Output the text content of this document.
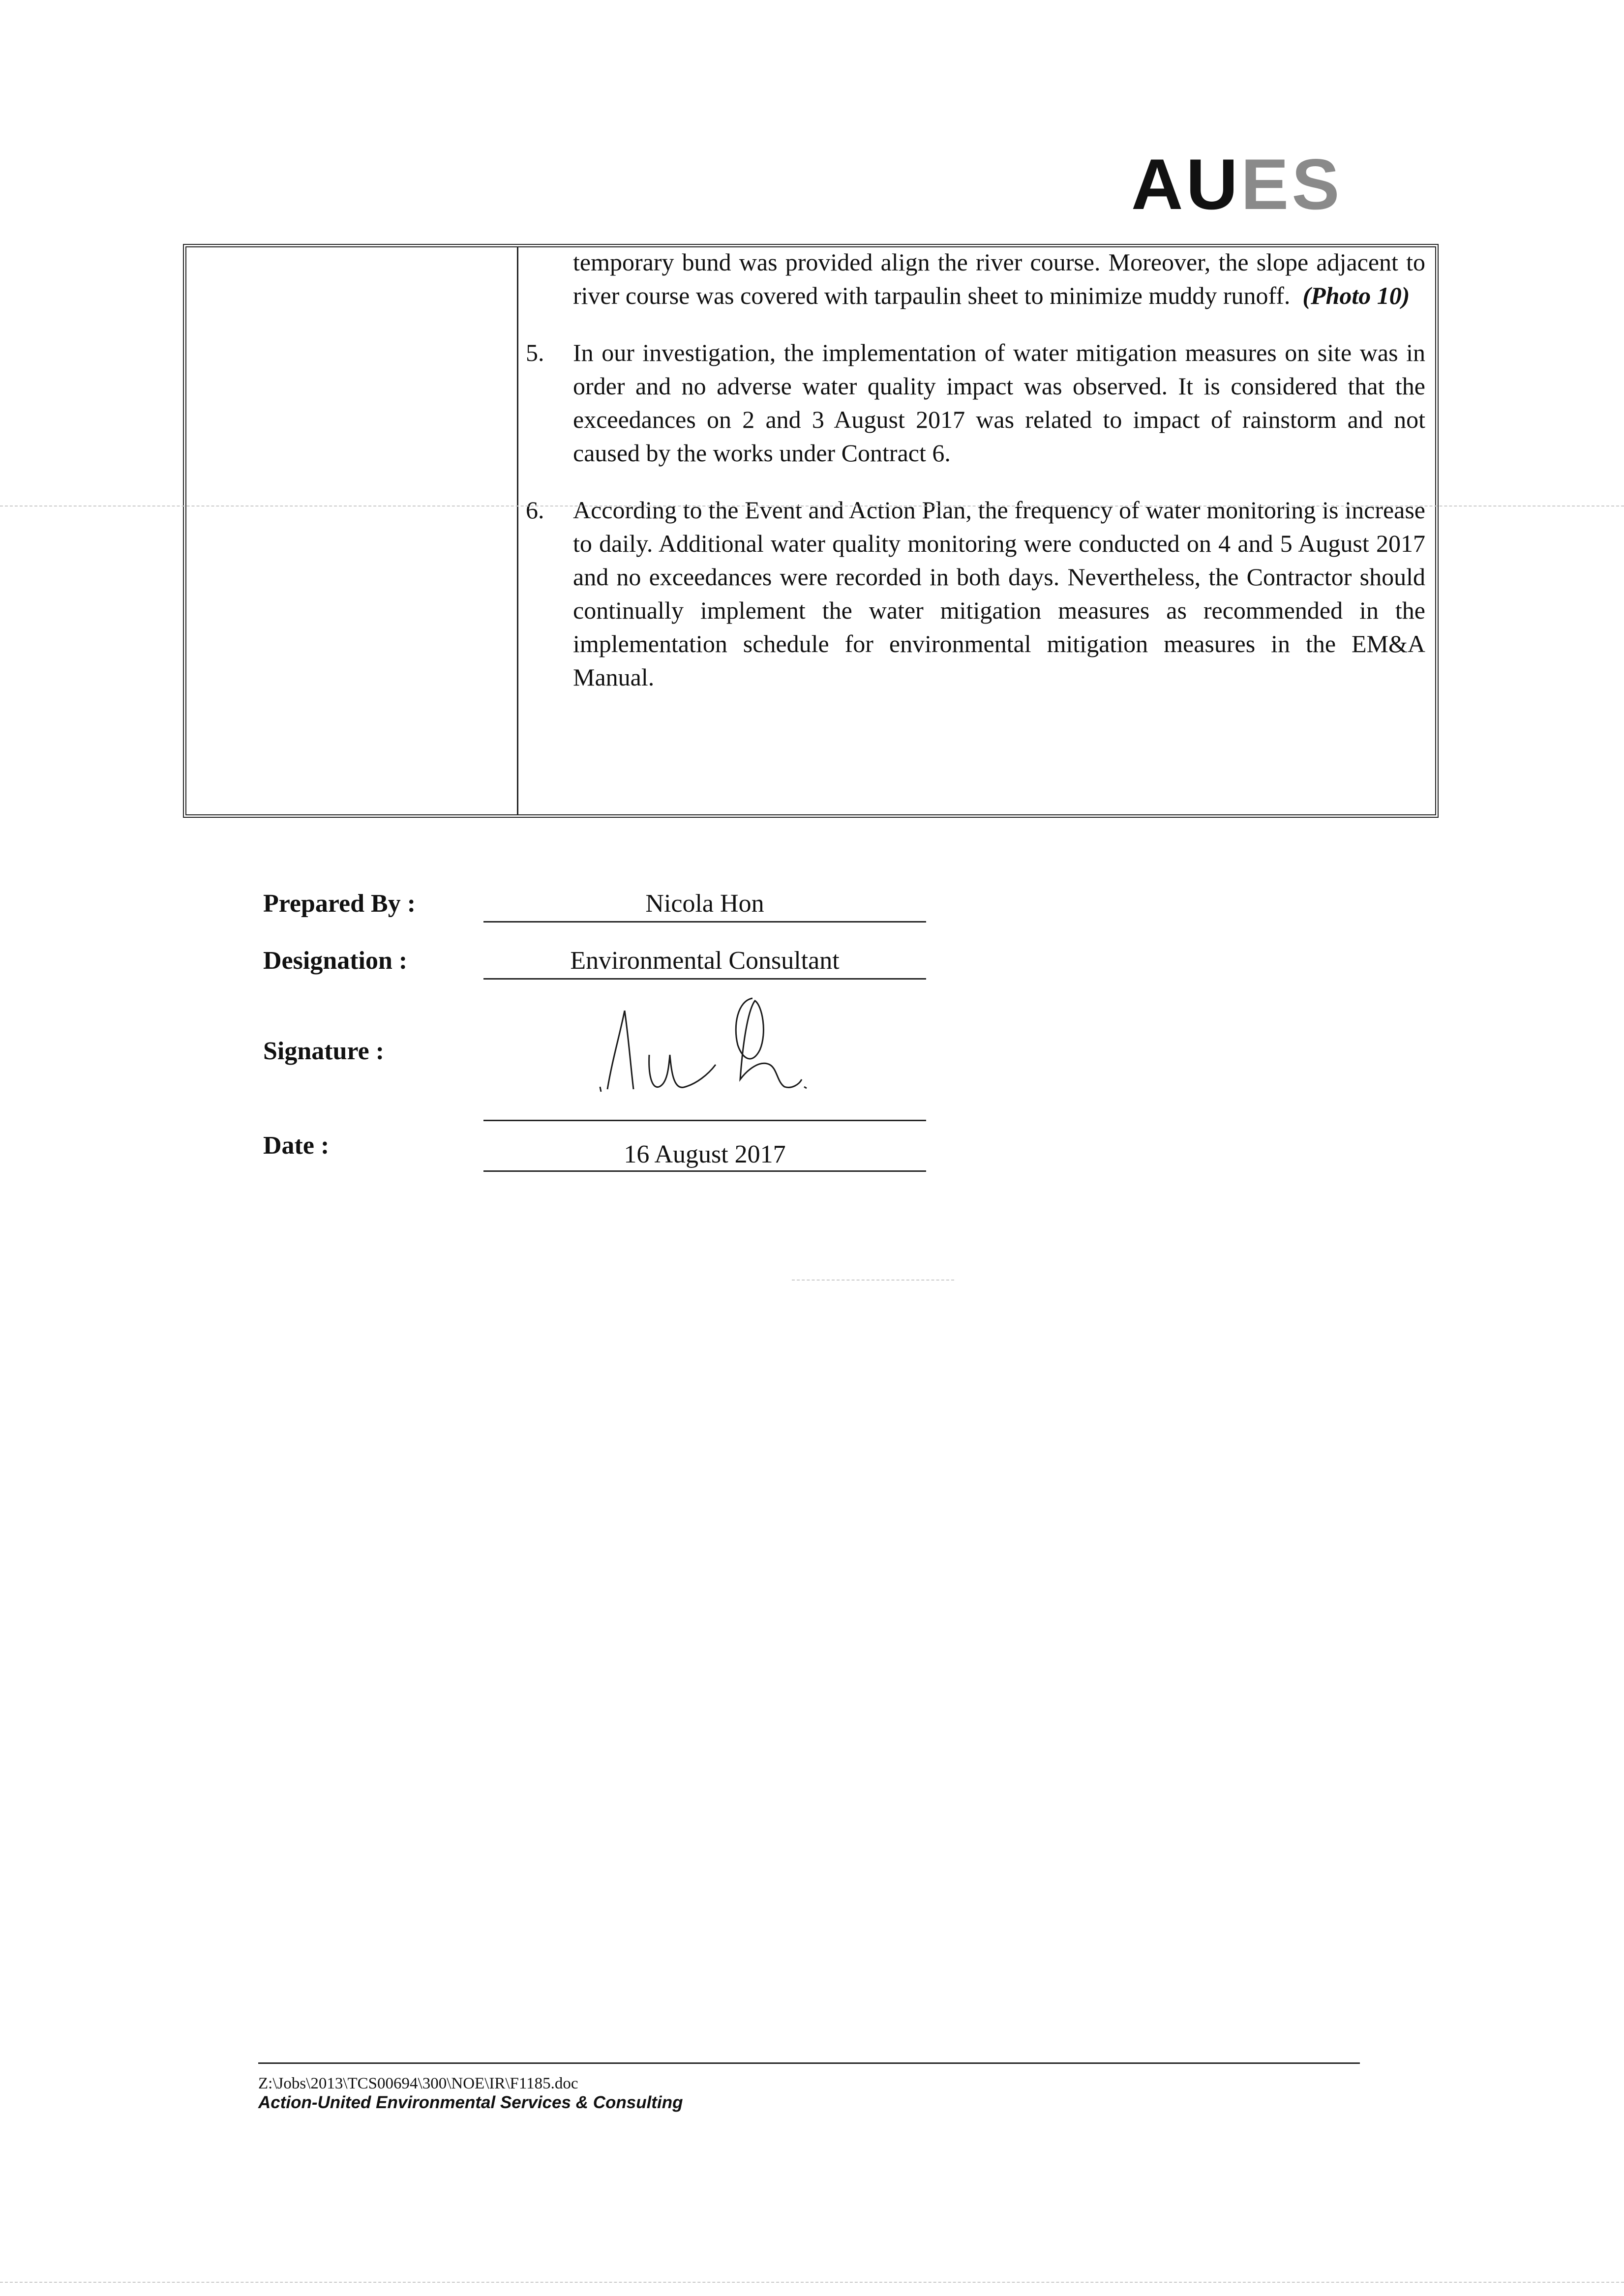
AUES
temporary bund was provided align the river course. Moreover, the slope adjacent to river course was covered with tarpaulin sheet to minimize muddy runoff. (Photo 10)
5. In our investigation, the implementation of water mitigation measures on site was in order and no adverse water quality impact was observed. It is considered that the exceedances on 2 and 3 August 2017 was related to impact of rainstorm and not caused by the works under Contract 6.
6. According to the Event and Action Plan, the frequency of water monitoring is increase to daily. Additional water quality monitoring were conducted on 4 and 5 August 2017 and no exceedances were recorded in both days. Nevertheless, the Contractor should continually implement the water mitigation measures as recommended in the implementation schedule for environmental mitigation measures in the EM&A Manual.
Prepared By :	Nicola Hon
Designation :	Environmental Consultant
Signature :
Date :	16 August 2017
Z:\Jobs\2013\TCS00694\300\NOE\IR\F1185.doc
Action-United Environmental Services & Consulting
